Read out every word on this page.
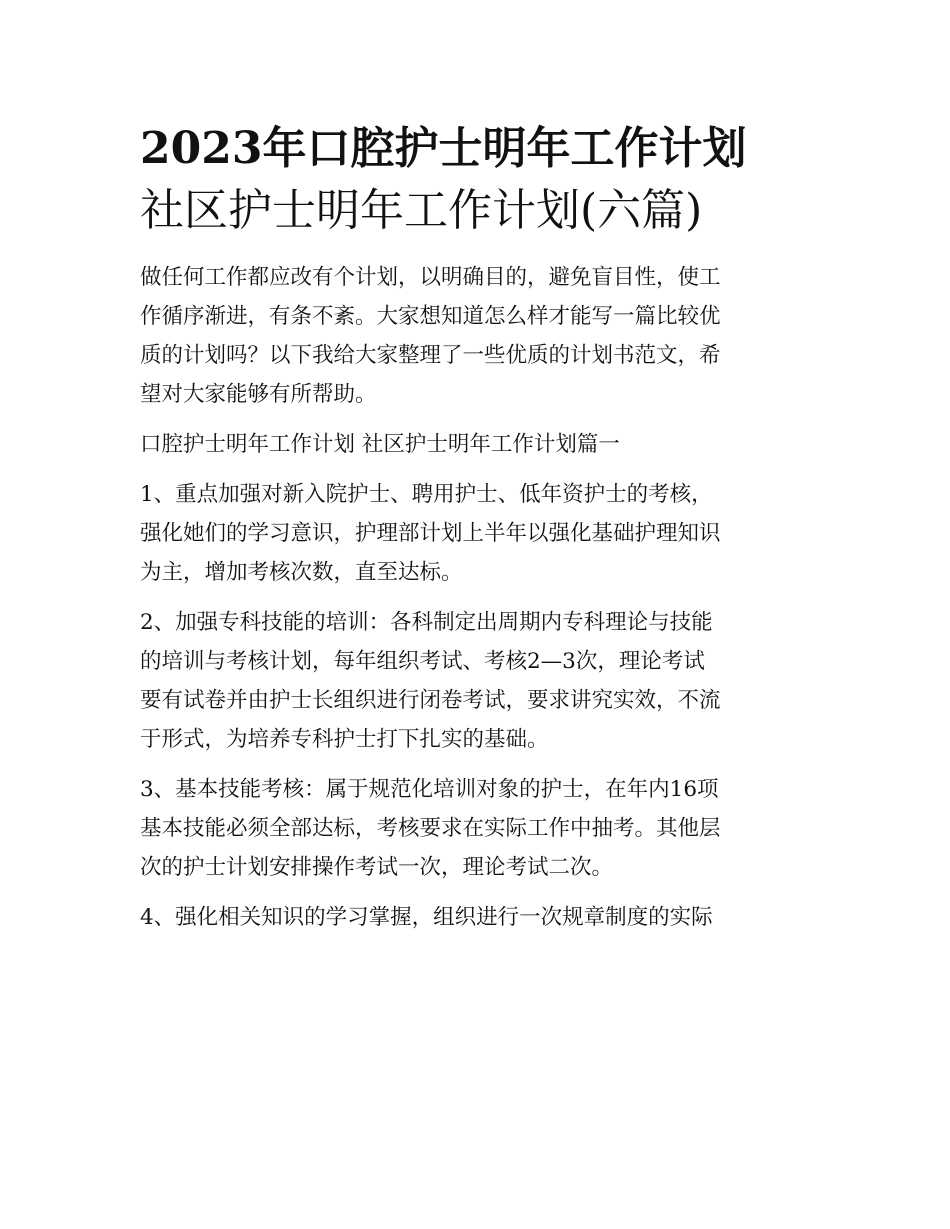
2023年口腔护士明年工作计划
社区护士明年工作计划(六篇)

做任何工作都应改有个计划，以明确目的，避免盲目性，使工
作循序渐进，有条不紊。大家想知道怎么样才能写一篇比较优
质的计划吗？以下我给大家整理了一些优质的计划书范文，希
望对大家能够有所帮助。

口腔护士明年工作计划 社区护士明年工作计划篇一

1、重点加强对新入院护士、聘用护士、低年资护士的考核，
强化她们的学习意识，护理部计划上半年以强化基础护理知识
为主，增加考核次数，直至达标。

2、加强专科技能的培训：各科制定出周期内专科理论与技能
的培训与考核计划，每年组织考试、考核2—3次，理论考试
要有试卷并由护士长组织进行闭卷考试，要求讲究实效，不流
于形式，为培养专科护士打下扎实的基础。

3、基本技能考核：属于规范化培训对象的护士，在年内16项
基本技能必须全部达标，考核要求在实际工作中抽考。其他层
次的护士计划安排操作考试一次，理论考试二次。

4、强化相关知识的学习掌握，组织进行一次规章制度的实际
